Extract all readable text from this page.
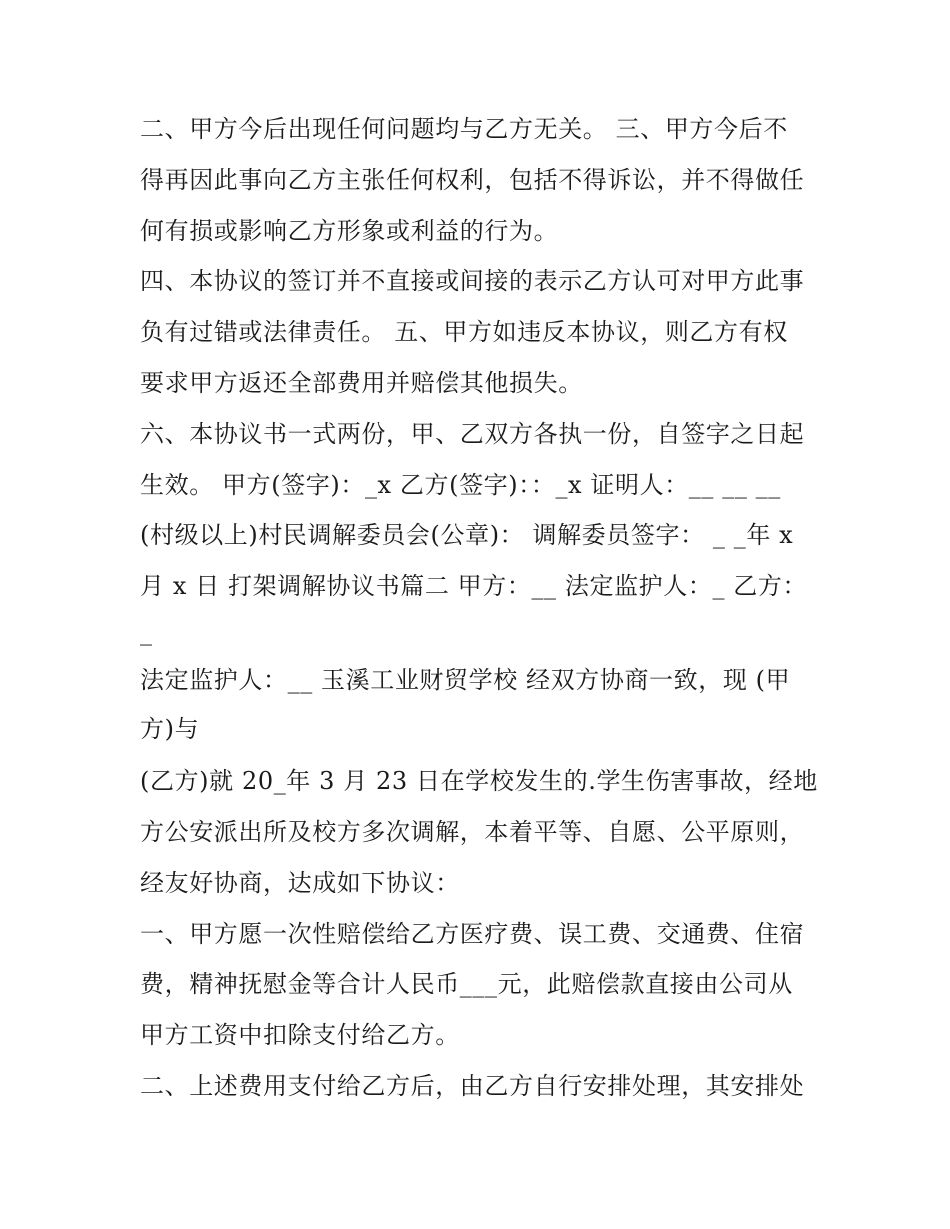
二、甲方今后出现任何问题均与乙方无关。 三、甲方今后不
得再因此事向乙方主张任何权利，包括不得诉讼，并不得做任
何有损或影响乙方形象或利益的行为。
四、本协议的签订并不直接或间接的表示乙方认可对甲方此事
负有过错或法律责任。 五、甲方如违反本协议，则乙方有权
要求甲方返还全部费用并赔偿其他损失。
六、本协议书一式两份，甲、乙双方各执一份，自签字之日起
生效。 甲方(签字)：_x 乙方(签字)：：_x 证明人：__ __ __
(村级以上)村民调解委员会(公章)： 调解委员签字： _ _年 x
月 x 日 打架调解协议书篇二 甲方：__ 法定监护人：_ 乙方：
_
法定监护人：__ 玉溪工业财贸学校 经双方协商一致，现 (甲
方)与
(乙方)就 20_年 3 月 23 日在学校发生的.学生伤害事故，经地
方公安派出所及校方多次调解，本着平等、自愿、公平原则，
经友好协商，达成如下协议：
一、甲方愿一次性赔偿给乙方医疗费、误工费、交通费、住宿
费，精神抚慰金等合计人民币___元，此赔偿款直接由公司从
甲方工资中扣除支付给乙方。
二、上述费用支付给乙方后，由乙方自行安排处理，其安排处
